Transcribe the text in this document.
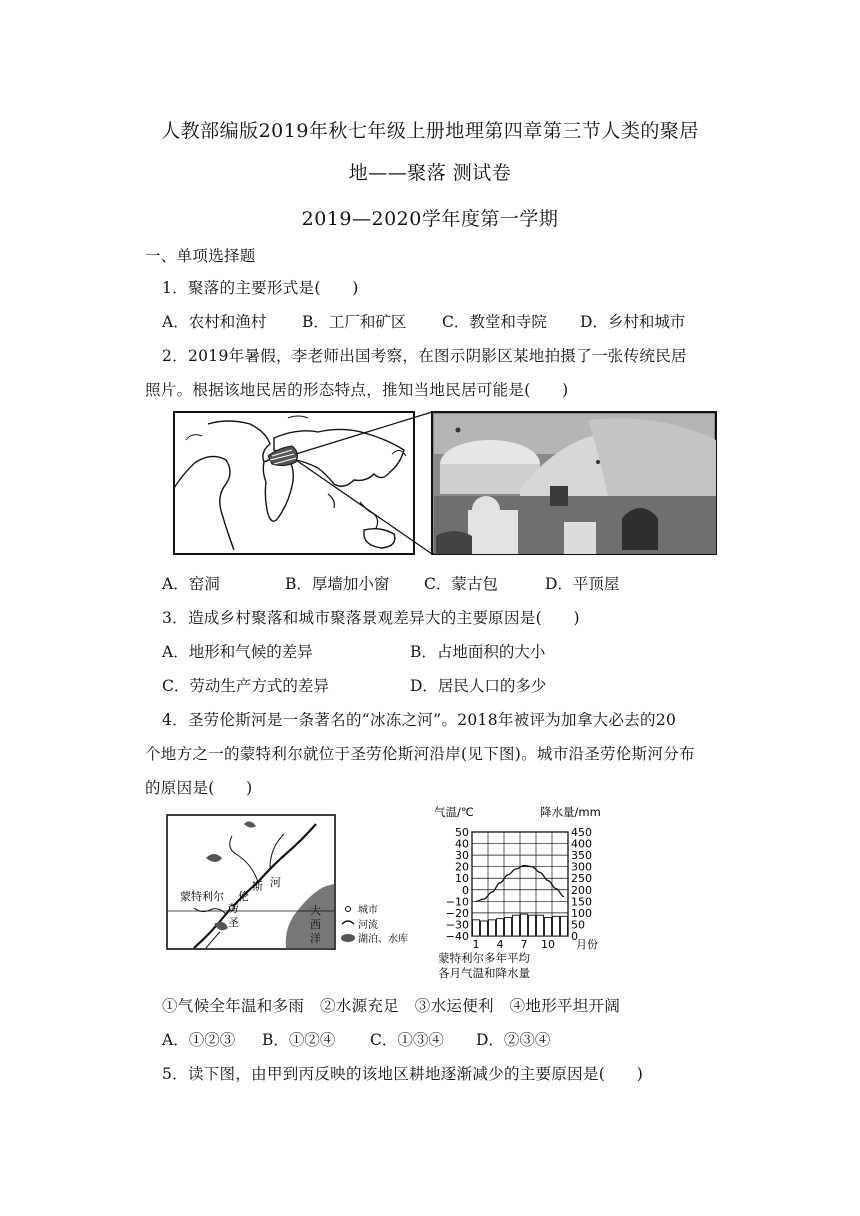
人教部编版2019年秋七年级上册地理第四章第三节人类的聚居
地——聚落 测试卷
2019—2020学年度第一学期
一、单项选择题
1．聚落的主要形式是(　　)
A．农村和渔村 B．工厂和矿区 C．教堂和寺院 D．乡村和城市
2．2019年暑假，李老师出国考察，在图示阴影区某地拍摄了一张传统民居
照片。根据该地民居的形态特点，推知当地民居可能是(　　)
A．窑洞	B．厚墙加小窗 C．蒙古包	D．平顶屋
3．造成乡村聚落和城市聚落景观差异大的主要原因是(　　)
A．地形和气候的差异	B．占地面积的大小
C．劳动生产方式的差异	D．居民人口的多少
4．圣劳伦斯河是一条著名的“冰冻之河”。2018年被评为加拿大必去的20
个地方之一的蒙特利尔就位于圣劳伦斯河沿岸(见下图)。城市沿圣劳伦斯河分布
的原因是(　　)
蒙特利尔
圣
劳
伦
斯 河
大
西
洋
城市
河流
湖泊、水库
气温/℃	降水量/mm
50
40
30
20
10
0
−10
−20
−30
−40
450
400
350
300
250
200
150
100
50
0
1 4 7 10 月份
蒙特利尔多年平均
各月气温和降水量
①气候全年温和多雨　②水源充足　③水运便利　④地形平坦开阔
A．①②③ B．①②④ C．①③④ D．②③④
5．读下图，由甲到丙反映的该地区耕地逐渐减少的主要原因是(　　)
